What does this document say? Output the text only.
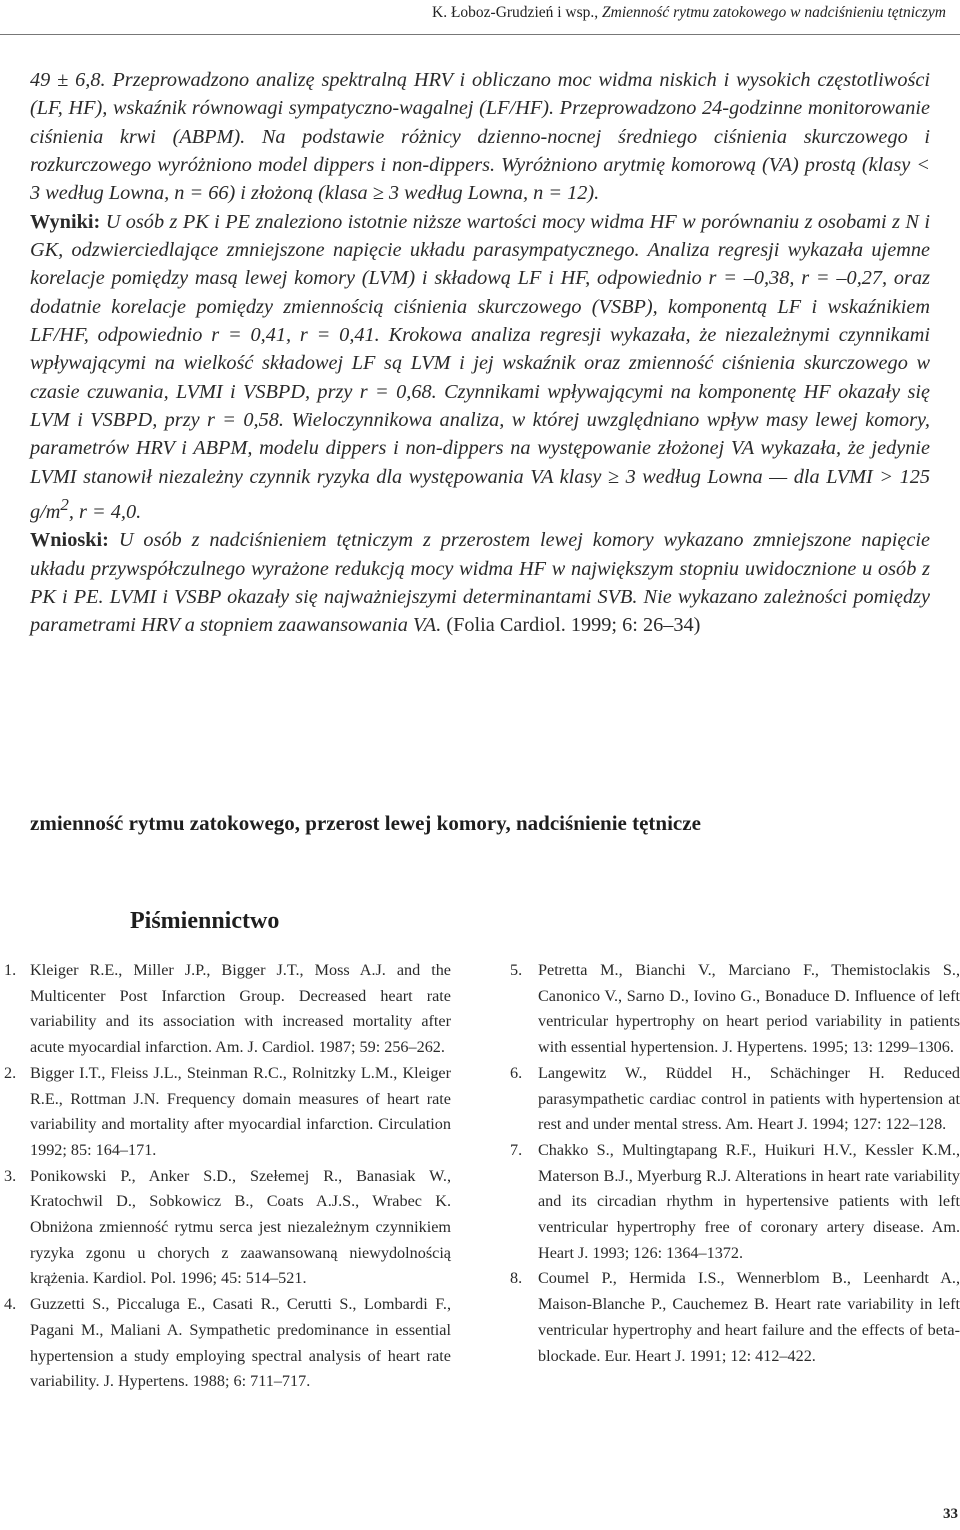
K. Łoboz-Grudzień i wsp., Zmienność rytmu zatokowego w nadciśnieniu tętniczym
49 ± 6,8. Przeprowadzono analizę spektralną HRV i obliczano moc widma niskich i wysokich częstotliwości (LF, HF), wskaźnik równowagi sympatyczno-wagalnej (LF/HF). Przeprowadzono 24-godzinne monitorowanie ciśnienia krwi (ABPM). Na podstawie różnicy dzienno-nocnej średniego ciśnienia skurczowego i rozkurczowego wyróżniono model dippers i non-dippers. Wyróżniono arytmię komorową (VA) prostą (klasy < 3 według Lowna, n = 66) i złożoną (klasa ≥ 3 według Lowna, n = 12).
Wyniki: U osób z PK i PE znaleziono istotnie niższe wartości mocy widma HF w porównaniu z osobami z N i GK, odzwierciedlające zmniejszone napięcie układu parasympatycznego. Analiza regresji wykazała ujemne korelacje pomiędzy masą lewej komory (LVM) i składową LF i HF, odpowiednio r = –0,38, r = –0,27, oraz dodatnie korelacje pomiędzy zmiennością ciśnienia skurczowego (VSBP), komponentą LF i wskaźnikiem LF/HF, odpowiednio r = 0,41, r = 0,41. Krokowa analiza regresji wykazała, że niezależnymi czynnikami wpływającymi na wielkość składowej LF są LVM i jej wskaźnik oraz zmienność ciśnienia skurczowego w czasie czuwania, LVMI i VSBPD, przy r = 0,68. Czynnikami wpływającymi na komponentę HF okazały się LVM i VSBPD, przy r = 0,58. Wieloczynnikowa analiza, w której uwzględniano wpływ masy lewej komory, parametrów HRV i ABPM, modelu dippers i non-dippers na występowanie złożonej VA wykazała, że jedynie LVMI stanowił niezależny czynnik ryzyka dla występowania VA klasy ≥ 3 według Lowna — dla LVMI > 125 $g/m^2$, r = 4,0.
Wnioski: U osób z nadciśnieniem tętniczym z przerostem lewej komory wykazano zmniejszone napięcie układu przywspółczulnego wyrażone redukcją mocy widma HF w największym stopniu uwidocznione u osób z PK i PE. LVMI i VSBP okazały się najważniejszymi determinantami SVB. Nie wykazano zależności pomiędzy parametrami HRV a stopniem zaawansowania VA. (Folia Cardiol. 1999; 6: 26–34)
zmienność rytmu zatokowego, przerost lewej komory, nadciśnienie tętnicze
Piśmiennictwo
1. Kleiger R.E., Miller J.P., Bigger J.T., Moss A.J. and the Multicenter Post Infarction Group. Decreased heart rate variability and its association with increased mortality after acute myocardial infarction. Am. J. Cardiol. 1987; 59: 256–262.
2. Bigger I.T., Fleiss J.L., Steinman R.C., Rolnitzky L.M., Kleiger R.E., Rottman J.N. Frequency domain measures of heart rate variability and mortality after myocardial infarction. Circulation 1992; 85: 164–171.
3. Ponikowski P., Anker S.D., Szełemej R., Banasiak W., Kratochwil D., Sobkowicz B., Coats A.J.S., Wrabec K. Obniżona zmienność rytmu serca jest niezależnym czynnikiem ryzyka zgonu u chorych z zaawansowaną niewydolnością krążenia. Kardiol. Pol. 1996; 45: 514–521.
4. Guzzetti S., Piccaluga E., Casati R., Cerutti S., Lombardi F., Pagani M., Maliani A. Sympathetic predominance in essential hypertension a study employing spectral analysis of heart rate variability. J. Hypertens. 1988; 6: 711–717.
5. Petretta M., Bianchi V., Marciano F., Themistoclakis S., Canonico V., Sarno D., Iovino G., Bonaduce D. Influence of left ventricular hypertrophy on heart period variability in patients with essential hypertension. J. Hypertens. 1995; 13: 1299–1306.
6. Langewitz W., Rüddel H., Schächinger H. Reduced parasympathetic cardiac control in patients with hypertension at rest and under mental stress. Am. Heart J. 1994; 127: 122–128.
7. Chakko S., Multingtapang R.F., Huikuri H.V., Kessler K.M., Materson B.J., Myerburg R.J. Alterations in heart rate variability and its circadian rhythm in hypertensive patients with left ventricular hypertrophy free of coronary artery disease. Am. Heart J. 1993; 126: 1364–1372.
8. Coumel P., Hermida I.S., Wennerblom B., Leenhardt A., Maison-Blanche P., Cauchemez B. Heart rate variability in left ventricular hypertrophy and heart failure and the effects of beta-blockade. Eur. Heart J. 1991; 12: 412–422.
33
